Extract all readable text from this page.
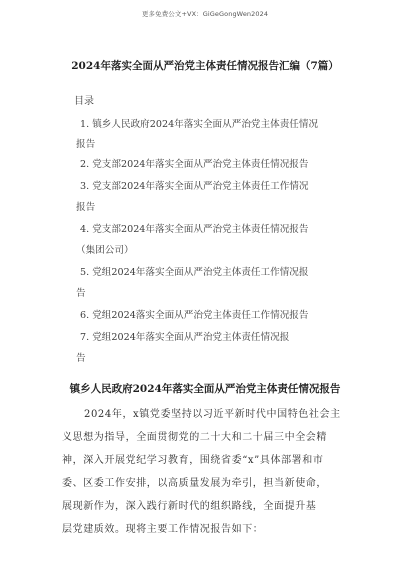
更多免费公文+VX：GiGeGongWen2024
2024年落实全面从严治党主体责任情况报告汇编（7篇）
目录
1. 镇乡人民政府2024年落实全面从严治党主体责任情况
报告
2. 党支部2024年落实全面从严治党主体责任情况报告
3. 党支部2024年落实全面从严治党主体责任工作情况
报告
4. 党支部2024年落实全面从严治党主体责任情况报告
（集团公司）
5. 党组2024年落实全面从严治党主体责任工作情况报
告
6. 党组2024落实全面从严治党主体责任工作情况报告
7. 党组2024年落实全面从严治党主体责任情况报
告
镇乡人民政府2024年落实全面从严治党主体责任情况报告
2024年，x镇党委坚持以习近平新时代中国特色社会主
义思想为指导，全面贯彻党的二十大和二十届三中全会精
神，深入开展党纪学习教育，围绕省委“x”具体部署和市
委、区委工作安排，以高质量发展为牵引，担当新使命，
展现新作为，深入践行新时代的组织路线，全面提升基
层党建质效。现将主要工作情况报告如下：
